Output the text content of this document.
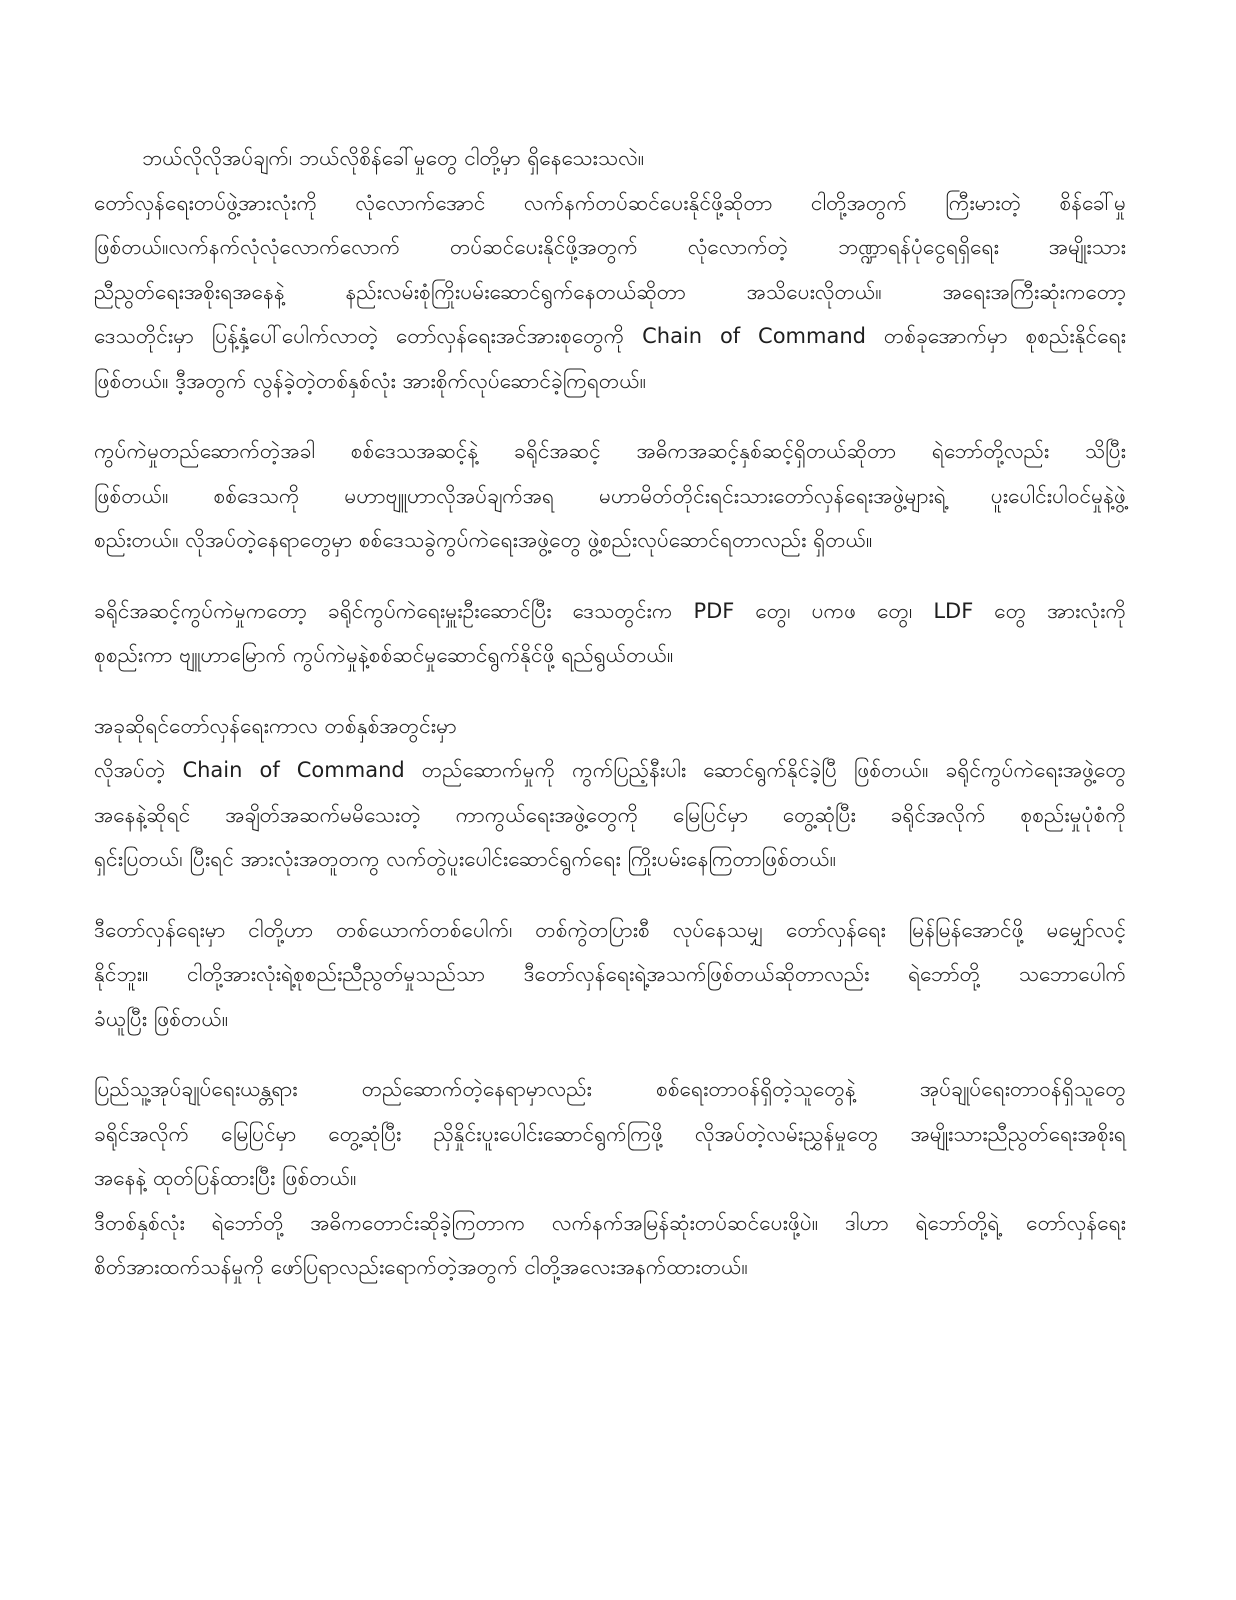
ဘယ်လိုလိုအပ်ချက်၊ ဘယ်လိုစိန်ခေါ်မှုတွေ ငါတို့မှာ ရှိနေသေးသလဲ။
တော်လှန်ရေးတပ်ဖွဲ့အားလုံးကို လုံလောက်အောင် လက်နက်တပ်ဆင်ပေးနိုင်ဖို့ဆိုတာ ငါတို့အတွက် ကြီးမားတဲ့ စိန်ခေါ်မှု
ဖြစ်တယ်။လက်နက်လုံလုံလောက်လောက် တပ်ဆင်ပေးနိုင်ဖို့အတွက် လုံလောက်တဲ့ ဘဏ္ဍာရန်ပုံငွေရရှိရေး အမျိုးသား
ညီညွတ်ရေးအစိုးရအနေနဲ့ နည်းလမ်းစုံကြိုးပမ်းဆောင်ရွက်နေတယ်ဆိုတာ အသိပေးလိုတယ်။ အရေးအကြီးဆုံးကတော့
ဒေသတိုင်းမှာ ပြန့်နှံ့ပေါ်ပေါက်လာတဲ့ တော်လှန်ရေးအင်အားစုတွေကို Chain of Command တစ်ခုအောက်မှာ စုစည်းနိုင်ရေး
ဖြစ်တယ်။ ဒီ့အတွက် လွန်ခဲ့တဲ့တစ်နှစ်လုံး အားစိုက်လုပ်ဆောင်ခဲ့ကြရတယ်။
ကွပ်ကဲမှုတည်ဆောက်တဲ့အခါ စစ်ဒေသအဆင့်နဲ့ ခရိုင်အဆင့် အဓိကအဆင့်နှစ်ဆင့်ရှိတယ်ဆိုတာ ရဲဘော်တို့လည်း သိပြီး
ဖြစ်တယ်။ စစ်ဒေသကို မဟာဗျူဟာလိုအပ်ချက်အရ မဟာမိတ်တိုင်းရင်းသားတော်လှန်ရေးအဖွဲ့များရဲ့ ပူးပေါင်းပါဝင်မှုနဲ့ဖွဲ့
စည်းတယ်။ လိုအပ်တဲ့နေရာတွေမှာ စစ်ဒေသခွဲကွပ်ကဲရေးအဖွဲ့တွေ ဖွဲ့စည်းလုပ်ဆောင်ရတာလည်း ရှိတယ်။
ခရိုင်အဆင့်ကွပ်ကဲမှုကတော့ ခရိုင်ကွပ်ကဲရေးမှူးဦးဆောင်ပြီး ဒေသတွင်းက PDF တွေ၊ ပကဖ တွေ၊ LDF တွေ အားလုံးကို
စုစည်းကာ ဗျူဟာမြောက် ကွပ်ကဲမှုနဲ့စစ်ဆင်မှုဆောင်ရွက်နိုင်ဖို့ ရည်ရွယ်တယ်။
အခုဆိုရင်တော်လှန်ရေးကာလ တစ်နှစ်အတွင်းမှာ
လိုအပ်တဲ့ Chain of Command တည်ဆောက်မှုကို ကွက်ပြည့်နီးပါး ဆောင်ရွက်နိုင်ခဲ့ပြီ ဖြစ်တယ်။ ခရိုင်ကွပ်ကဲရေးအဖွဲ့တွေ
အနေနဲ့ဆိုရင် အချိတ်အဆက်မမိသေးတဲ့ ကာကွယ်ရေးအဖွဲ့တွေကို မြေပြင်မှာ တွေ့ဆုံပြီး ခရိုင်အလိုက် စုစည်းမှုပုံစံကို
ရှင်းပြတယ်၊ ပြီးရင် အားလုံးအတူတကွ လက်တွဲပူးပေါင်းဆောင်ရွက်ရေး ကြိုးပမ်းနေကြတာဖြစ်တယ်။
ဒီတော်လှန်ရေးမှာ ငါတို့ဟာ တစ်ယောက်တစ်ပေါက်၊ တစ်ကွဲတပြားစီ လုပ်နေသမျှ တော်လှန်ရေး မြန်မြန်အောင်ဖို့ မမျှော်လင့်
နိုင်ဘူး။ ငါတို့အားလုံးရဲ့စုစည်းညီညွတ်မှုသည်သာ ဒီတော်လှန်ရေးရဲ့အသက်ဖြစ်တယ်ဆိုတာလည်း ရဲဘော်တို့ သဘောပေါက်
ခံယူပြီး ဖြစ်တယ်။
ပြည်သူ့အုပ်ချုပ်ရေးယန္တရား တည်ဆောက်တဲ့နေရာမှာလည်း စစ်ရေးတာဝန်ရှိတဲ့သူတွေနဲ့ အုပ်ချုပ်ရေးတာဝန်ရှိသူတွေ
ခရိုင်အလိုက် မြေပြင်မှာ တွေ့ဆုံပြီး ညှိနှိုင်းပူးပေါင်းဆောင်ရွက်ကြဖို့ လိုအပ်တဲ့လမ်းညွှန်မှုတွေ အမျိုးသားညီညွတ်ရေးအစိုးရ
အနေနဲ့ ထုတ်ပြန်ထားပြီး ဖြစ်တယ်။
ဒီတစ်နှစ်လုံး ရဲဘော်တို့ အဓိကတောင်းဆိုခဲ့ကြတာက လက်နက်အမြန်ဆုံးတပ်ဆင်ပေးဖို့ပဲ။ ဒါဟာ ရဲဘော်တို့ရဲ့ တော်လှန်ရေး
စိတ်အားထက်သန်မှုကို ဖော်ပြရာလည်းရောက်တဲ့အတွက် ငါတို့အလေးအနက်ထားတယ်။
